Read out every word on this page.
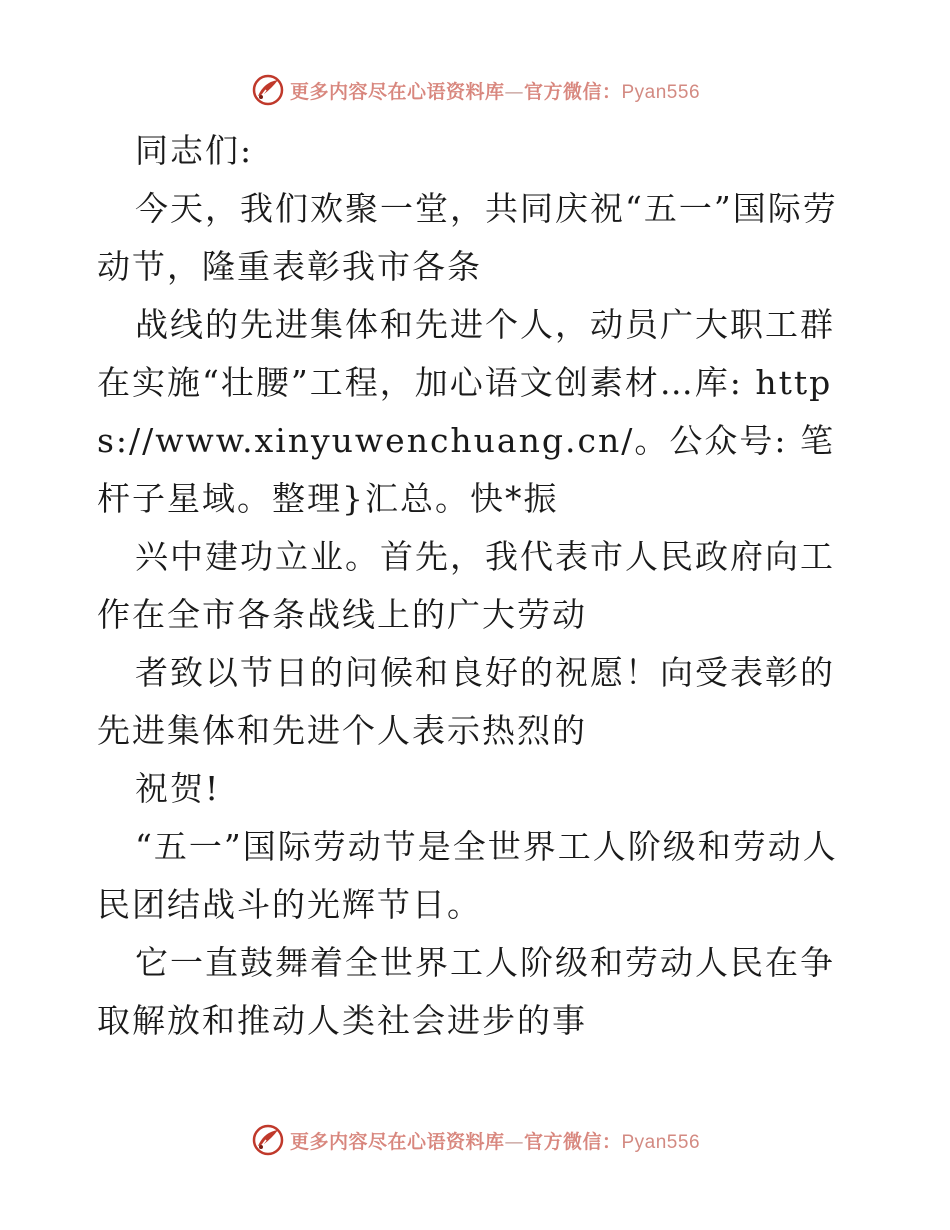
更多内容尽在心语资料库—官方微信：Pyan556

同志们:

今天，我们欢聚一堂，共同庆祝“五一”国际劳动节，隆重表彰我市各条

战线的先进集体和先进个人，动员广大职工群在实施“壮腰”工程，加心语文创素材…库: https://www.xinyuwenchuang.cn/。公众号: 笔杆子星域。整理}汇总。快*振

兴中建功立业。首先，我代表市人民政府向工作在全市各条战线上的广大劳动

者致以节日的问候和良好的祝愿！向受表彰的先进集体和先进个人表示热烈的

祝贺!

“五一”国际劳动节是全世界工人阶级和劳动人民团结战斗的光辉节日。

它一直鼓舞着全世界工人阶级和劳动人民在争取解放和推动人类社会进步的事

更多内容尽在心语资料库—官方微信：Pyan556
